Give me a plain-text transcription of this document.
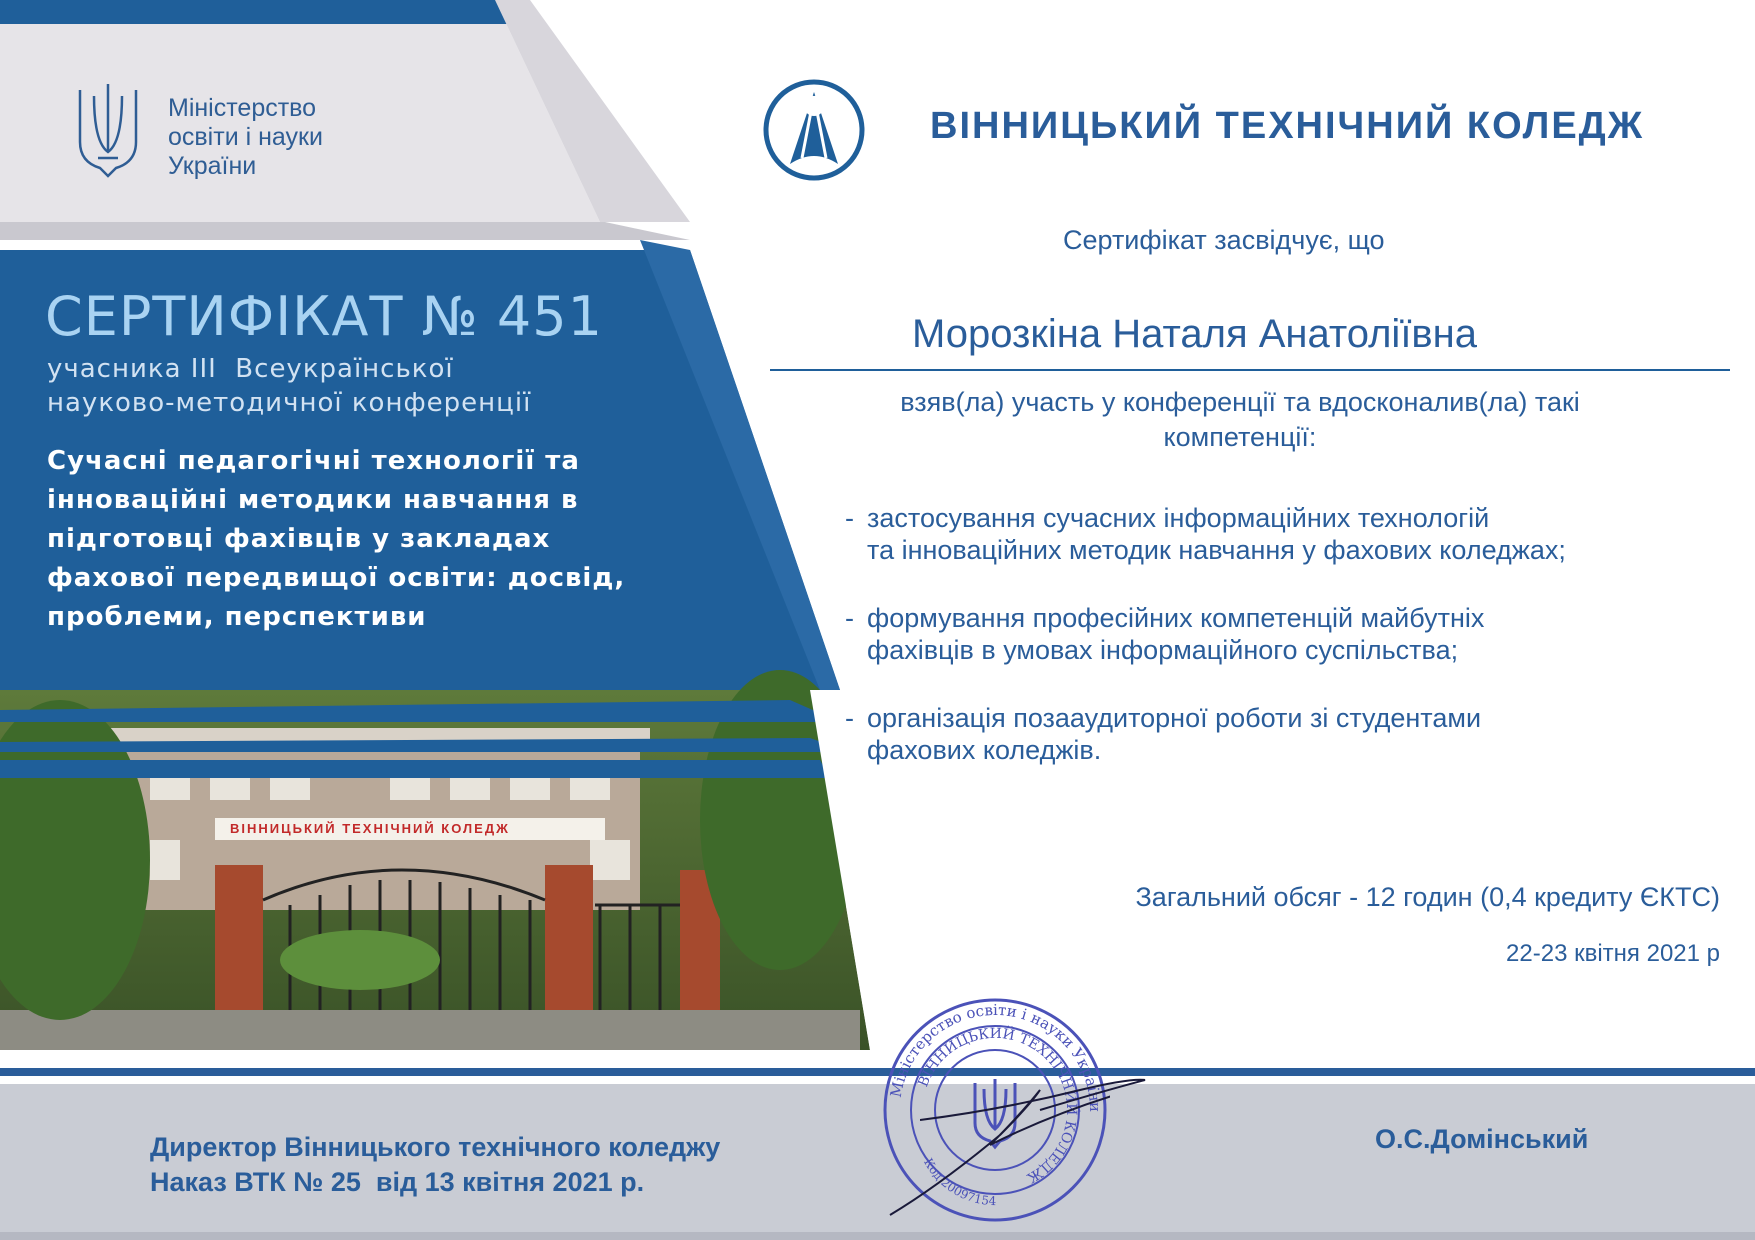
Міністерство
освіти і науки
України
СЕРТИФІКАТ № 451
учасника III  Всеукраїнської
науково-методичної конференції
Сучасні педагогічні технології та
інноваційні методики навчання в
підготовці фахівців у закладах
фахової передвищої освіти: досвід,
проблеми, перспективи
ВІННИЦЬКИЙ ТЕХНІЧНИЙ КОЛЕДЖ
ВІННИЦЬКИЙ ТЕХНІЧНИЙ КОЛЕДЖ
Сертифікат засвідчує, що
Морозкіна Наталя Анатоліївна
взяв(ла) участь у конференції та вдосконалив(ла) такі
компетенції:
- застосування сучасних інформаційних технологій
та інноваційних методик навчання у фахових коледжах;
- формування професійних компетенцій майбутніх
фахівців в умовах інформаційного суспільства;
- організація позааудиторної роботи зі студентами
фахових коледжів.
Загальний обсяг - 12 годин (0,4 кредиту ЄКТС)
22-23 квітня 2021 р
Директор Вінницького технічного коледжу
Наказ ВТК № 25  від 13 квітня 2021 р.
О.С.Домінський
Міністерство освіти і науки України
ВІННИЦЬКИЙ ТЕХНІЧНИЙ КОЛЕДЖ
Код 20097154
